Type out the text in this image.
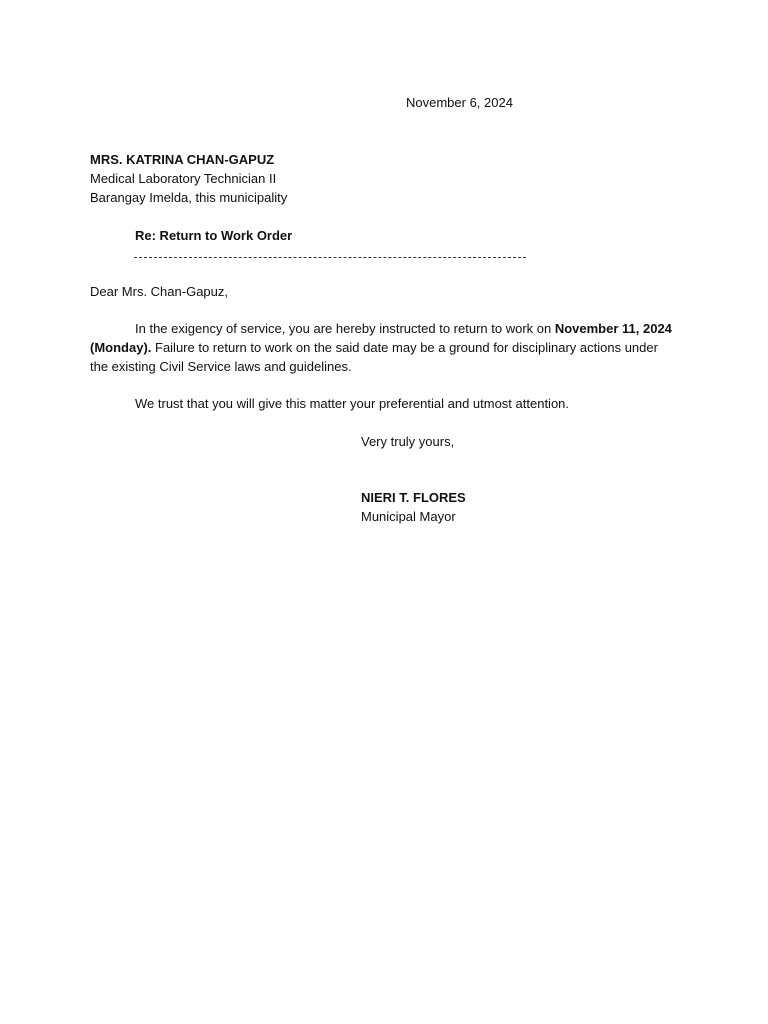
November 6, 2024
MRS. KATRINA CHAN-GAPUZ
Medical Laboratory Technician II
Barangay Imelda, this municipality
Re: Return to Work Order
Dear Mrs. Chan-Gapuz,
In the exigency of service, you are hereby instructed to return to work on November 11, 2024 (Monday). Failure to return to work on the said date may be a ground for disciplinary actions under the existing Civil Service laws and guidelines.
We trust that you will give this matter your preferential and utmost attention.
Very truly yours,
NIERI T. FLORES
Municipal Mayor
